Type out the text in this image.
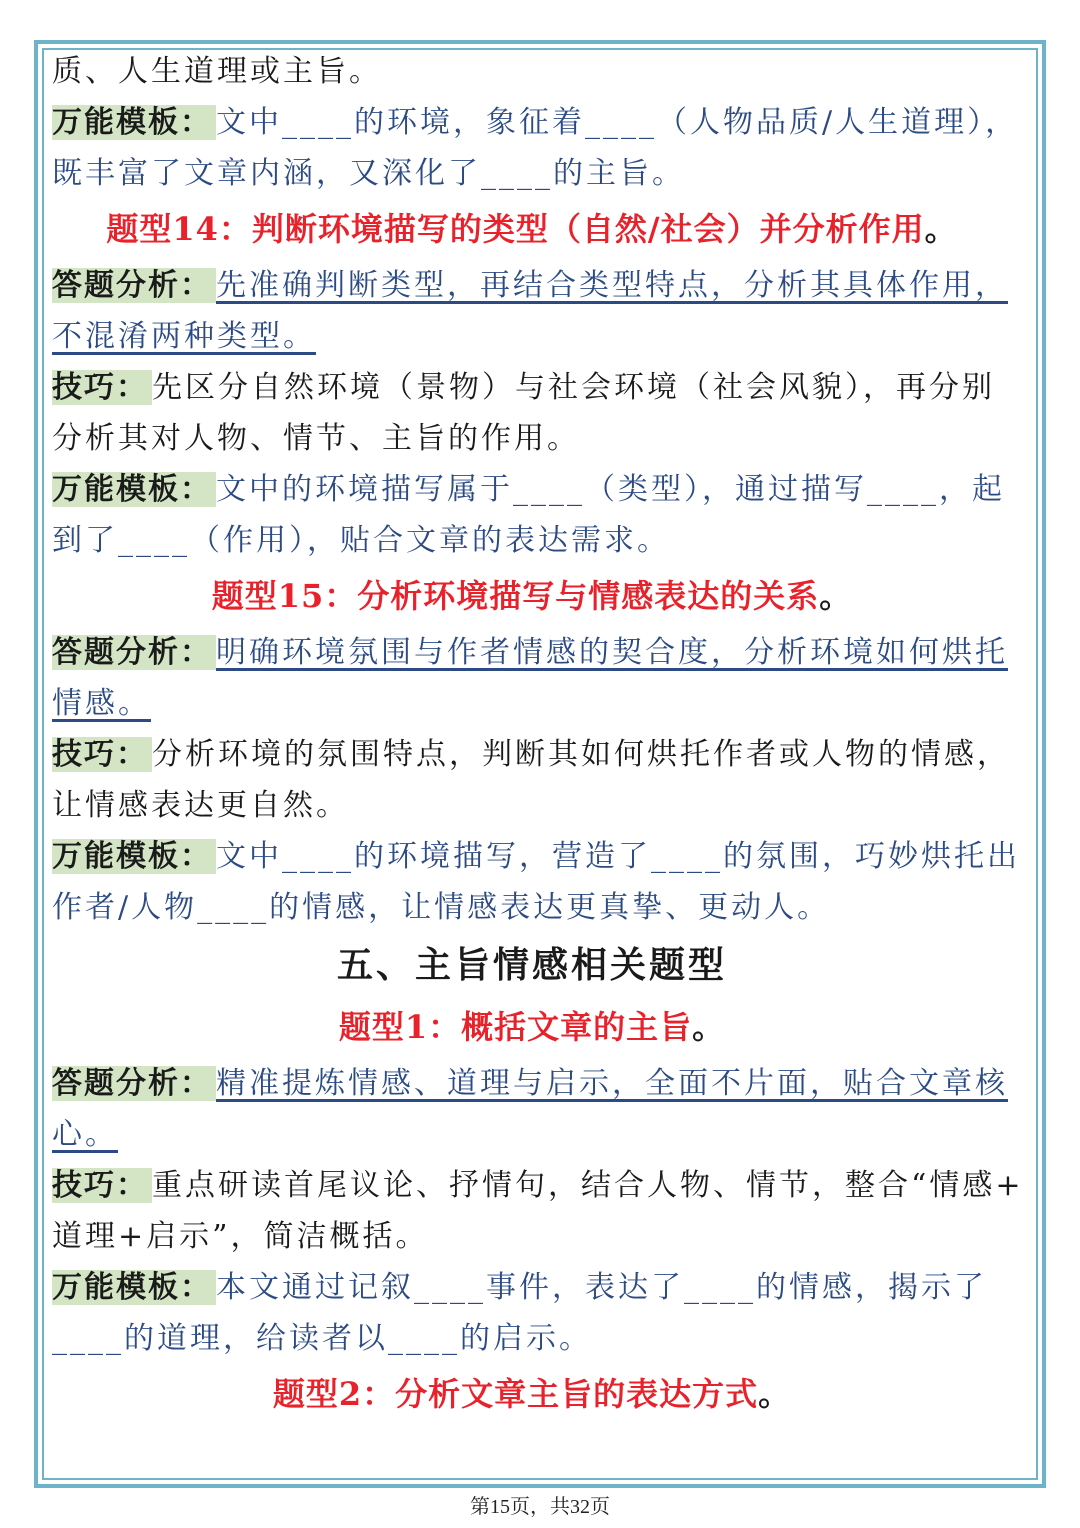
质、人生道理或主旨。
万能模板： 文中____的环境，象征着____（人物品质/人生道理），
既丰富了文章内涵，又深化了____的主旨。
题型14：判断环境描写的类型（自然/社会）并分析作用。
答题分析： 先准确判断类型，再结合类型特点，分析其具体作用，
不混淆两种类型。
技巧： 先区分自然环境（景物）与社会环境（社会风貌），再分别
分析其对人物、情节、主旨的作用。
万能模板： 文中的环境描写属于____（类型），通过描写____，起
到了____（作用），贴合文章的表达需求。
题型15：分析环境描写与情感表达的关系。
答题分析： 明确环境氛围与作者情感的契合度，分析环境如何烘托
情感。
技巧： 分析环境的氛围特点，判断其如何烘托作者或人物的情感，
让情感表达更自然。
万能模板： 文中____的环境描写，营造了____的氛围，巧妙烘托出
作者/人物____的情感，让情感表达更真挚、更动人。
五、主旨情感相关题型
题型1：概括文章的主旨。
答题分析： 精准提炼情感、道理与启示，全面不片面，贴合文章核
心。
技巧： 重点研读首尾议论、抒情句，结合人物、情节，整合“情感+
道理+启示”，简洁概括。
万能模板： 本文通过记叙____事件，表达了____的情感，揭示了
____的道理，给读者以____的启示。
题型2：分析文章主旨的表达方式。
第15页，共32页
